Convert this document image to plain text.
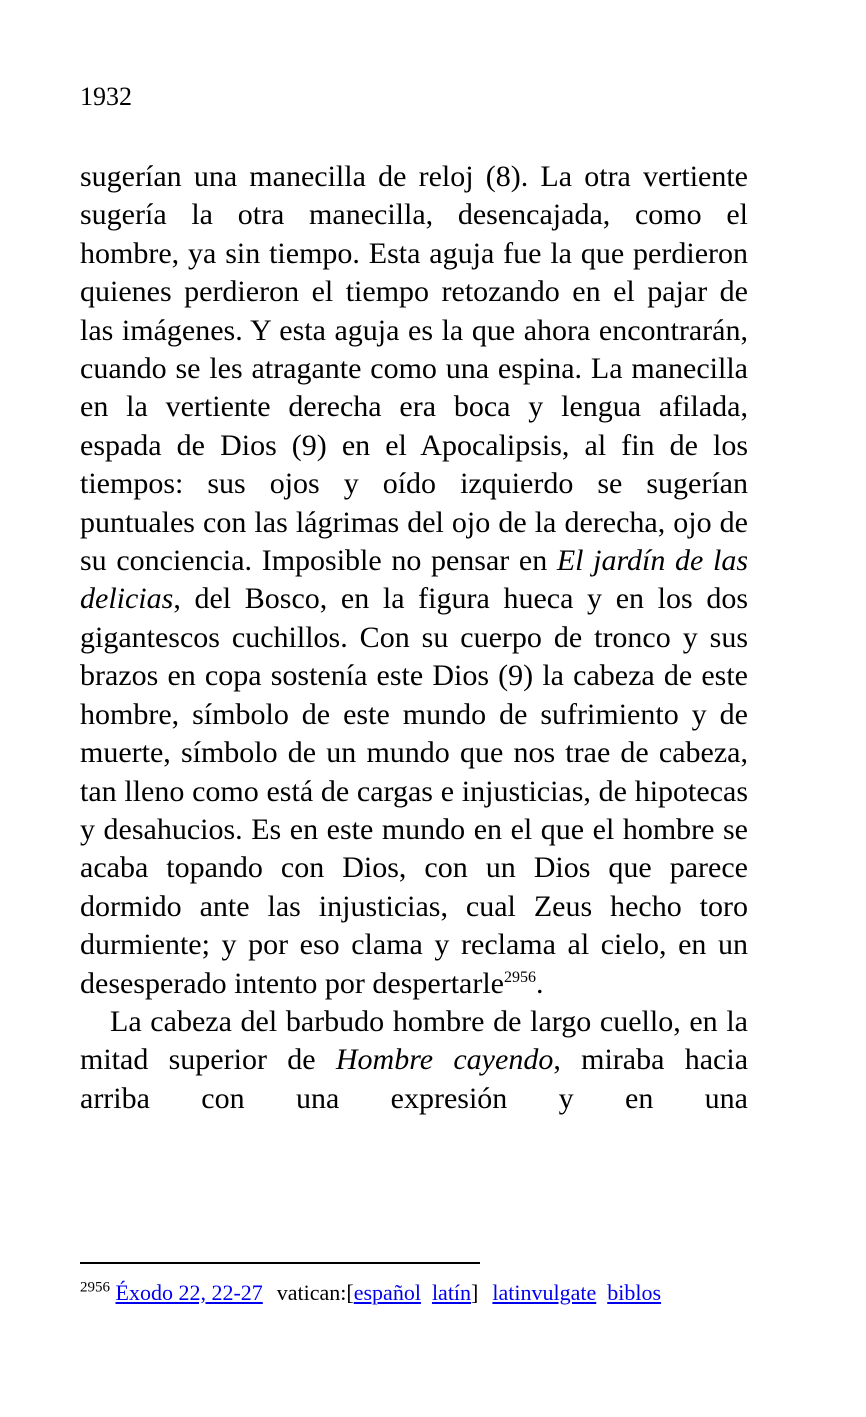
1932

sugerían una manecilla de reloj (8). La otra vertiente sugería la otra manecilla, desencajada, como el hombre, ya sin tiempo. Esta aguja fue la que perdieron quienes perdieron el tiempo retozando en el pajar de las imágenes. Y esta aguja es la que ahora encontrarán, cuando se les atragante como una espina. La manecilla en la vertiente derecha era boca y lengua afilada, espada de Dios (9) en el Apocalipsis, al fin de los tiempos: sus ojos y oído izquierdo se sugerían puntuales con las lágrimas del ojo de la derecha, ojo de su conciencia. Imposible no pensar en El jardín de las delicias, del Bosco, en la figura hueca y en los dos gigantescos cuchillos. Con su cuerpo de tronco y sus brazos en copa sostenía este Dios (9) la cabeza de este hombre, símbolo de este mundo de sufrimiento y de muerte, símbolo de un mundo que nos trae de cabeza, tan lleno como está de cargas e injusticias, de hipotecas y desahucios. Es en este mundo en el que el hombre se acaba topando con Dios, con un Dios que parece dormido ante las injusticias, cual Zeus hecho toro durmiente; y por eso clama y reclama al cielo, en un desesperado intento por despertarle$^{2956}$.

La cabeza del barbudo hombre de largo cuello, en la mitad superior de Hombre cayendo, miraba hacia arriba con una expresión y en una

$^{2956}$ Éxodo 22, 22-27 vatican:[español latín] latinvulgate biblos
